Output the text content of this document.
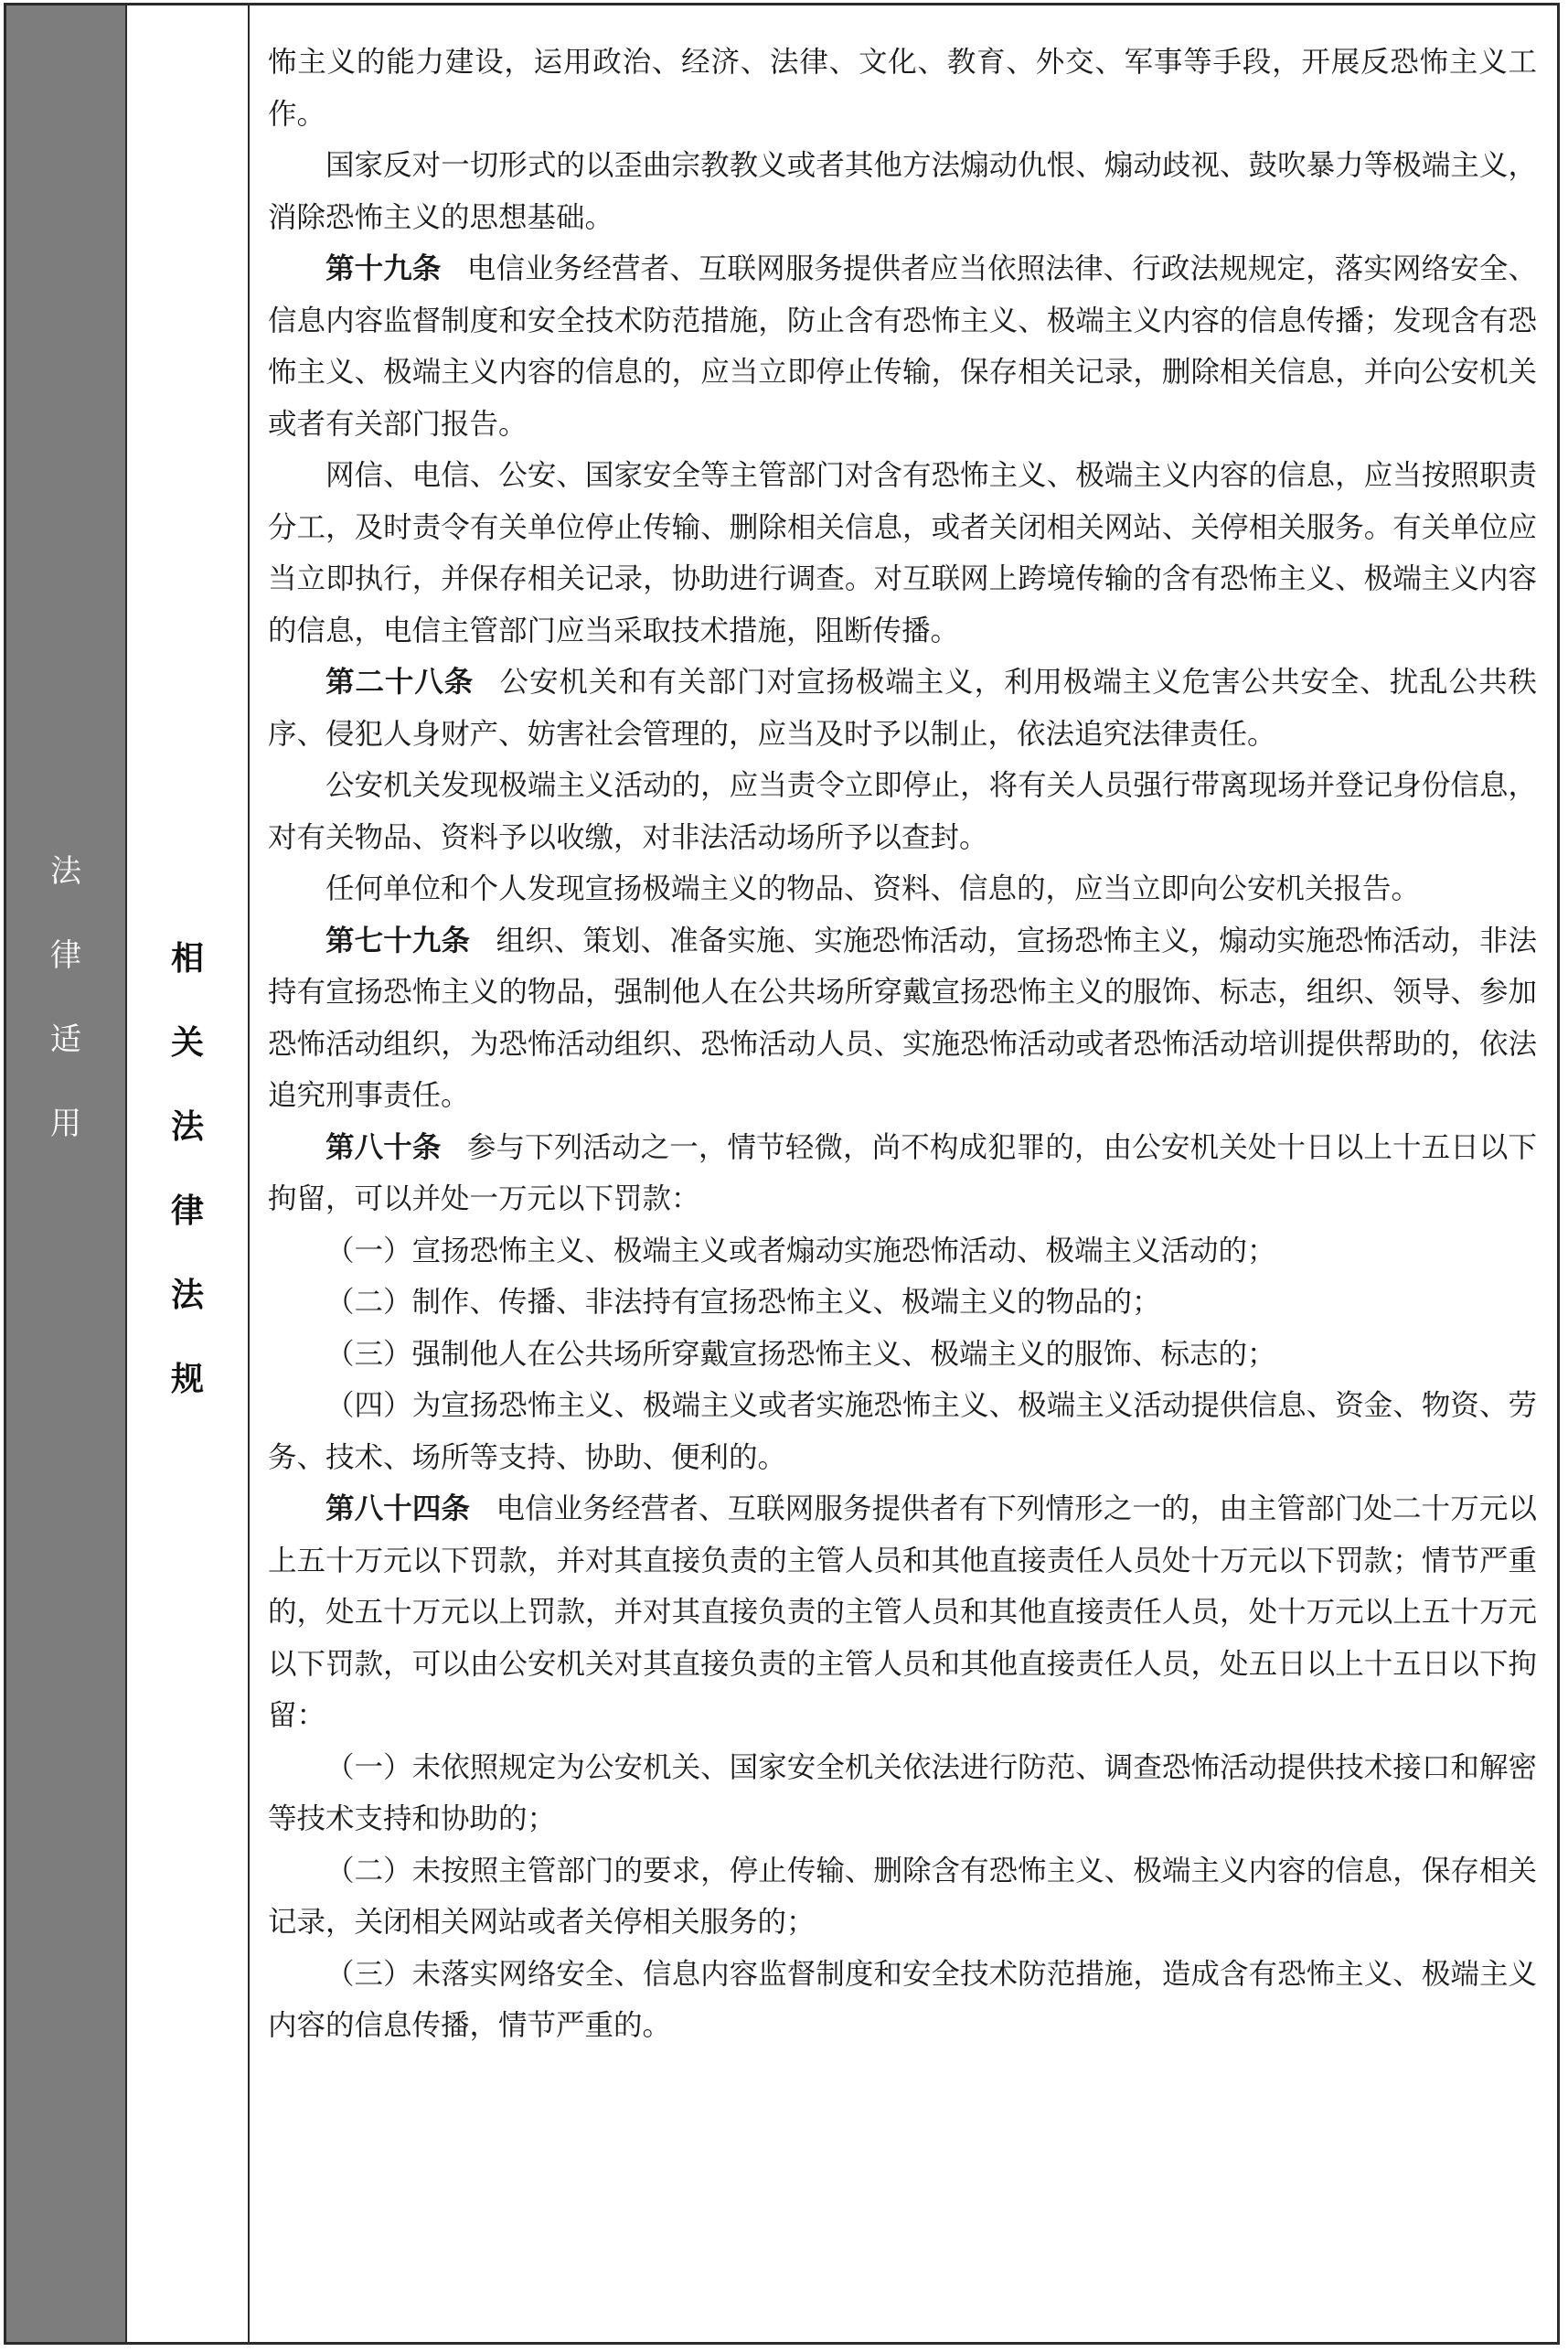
法
律
适
用
相
关
法
律
法
规

怖主义的能力建设，运用政治、经济、法律、文化、教育、外交、军事等手段，开展反恐怖主义工作。

国家反对一切形式的以歪曲宗教教义或者其他方法煽动仇恨、煽动歧视、鼓吹暴力等极端主义，消除恐怖主义的思想基础。

第十九条 电信业务经营者、互联网服务提供者应当依照法律、行政法规规定，落实网络安全、信息内容监督制度和安全技术防范措施，防止含有恐怖主义、极端主义内容的信息传播；发现含有恐怖主义、极端主义内容的信息的，应当立即停止传输，保存相关记录，删除相关信息，并向公安机关或者有关部门报告。

网信、电信、公安、国家安全等主管部门对含有恐怖主义、极端主义内容的信息，应当按照职责分工，及时责令有关单位停止传输、删除相关信息，或者关闭相关网站、关停相关服务。有关单位应当立即执行，并保存相关记录，协助进行调查。对互联网上跨境传输的含有恐怖主义、极端主义内容的信息，电信主管部门应当采取技术措施，阻断传播。

第二十八条 公安机关和有关部门对宣扬极端主义，利用极端主义危害公共安全、扰乱公共秩序、侵犯人身财产、妨害社会管理的，应当及时予以制止，依法追究法律责任。

公安机关发现极端主义活动的，应当责令立即停止，将有关人员强行带离现场并登记身份信息，对有关物品、资料予以收缴，对非法活动场所予以查封。

任何单位和个人发现宣扬极端主义的物品、资料、信息的，应当立即向公安机关报告。

第七十九条 组织、策划、准备实施、实施恐怖活动，宣扬恐怖主义，煽动实施恐怖活动，非法持有宣扬恐怖主义的物品，强制他人在公共场所穿戴宣扬恐怖主义的服饰、标志，组织、领导、参加恐怖活动组织，为恐怖活动组织、恐怖活动人员、实施恐怖活动或者恐怖活动培训提供帮助的，依法追究刑事责任。

第八十条 参与下列活动之一，情节轻微，尚不构成犯罪的，由公安机关处十日以上十五日以下拘留，可以并处一万元以下罚款：

（一）宣扬恐怖主义、极端主义或者煽动实施恐怖活动、极端主义活动的；

（二）制作、传播、非法持有宣扬恐怖主义、极端主义的物品的；

（三）强制他人在公共场所穿戴宣扬恐怖主义、极端主义的服饰、标志的；

（四）为宣扬恐怖主义、极端主义或者实施恐怖主义、极端主义活动提供信息、资金、物资、劳务、技术、场所等支持、协助、便利的。

第八十四条 电信业务经营者、互联网服务提供者有下列情形之一的，由主管部门处二十万元以上五十万元以下罚款，并对其直接负责的主管人员和其他直接责任人员处十万元以下罚款；情节严重的，处五十万元以上罚款，并对其直接负责的主管人员和其他直接责任人员，处十万元以上五十万元以下罚款，可以由公安机关对其直接负责的主管人员和其他直接责任人员，处五日以上十五日以下拘留：

（一）未依照规定为公安机关、国家安全机关依法进行防范、调查恐怖活动提供技术接口和解密等技术支持和协助的；

（二）未按照主管部门的要求，停止传输、删除含有恐怖主义、极端主义内容的信息，保存相关记录，关闭相关网站或者关停相关服务的；

（三）未落实网络安全、信息内容监督制度和安全技术防范措施，造成含有恐怖主义、极端主义内容的信息传播，情节严重的。
